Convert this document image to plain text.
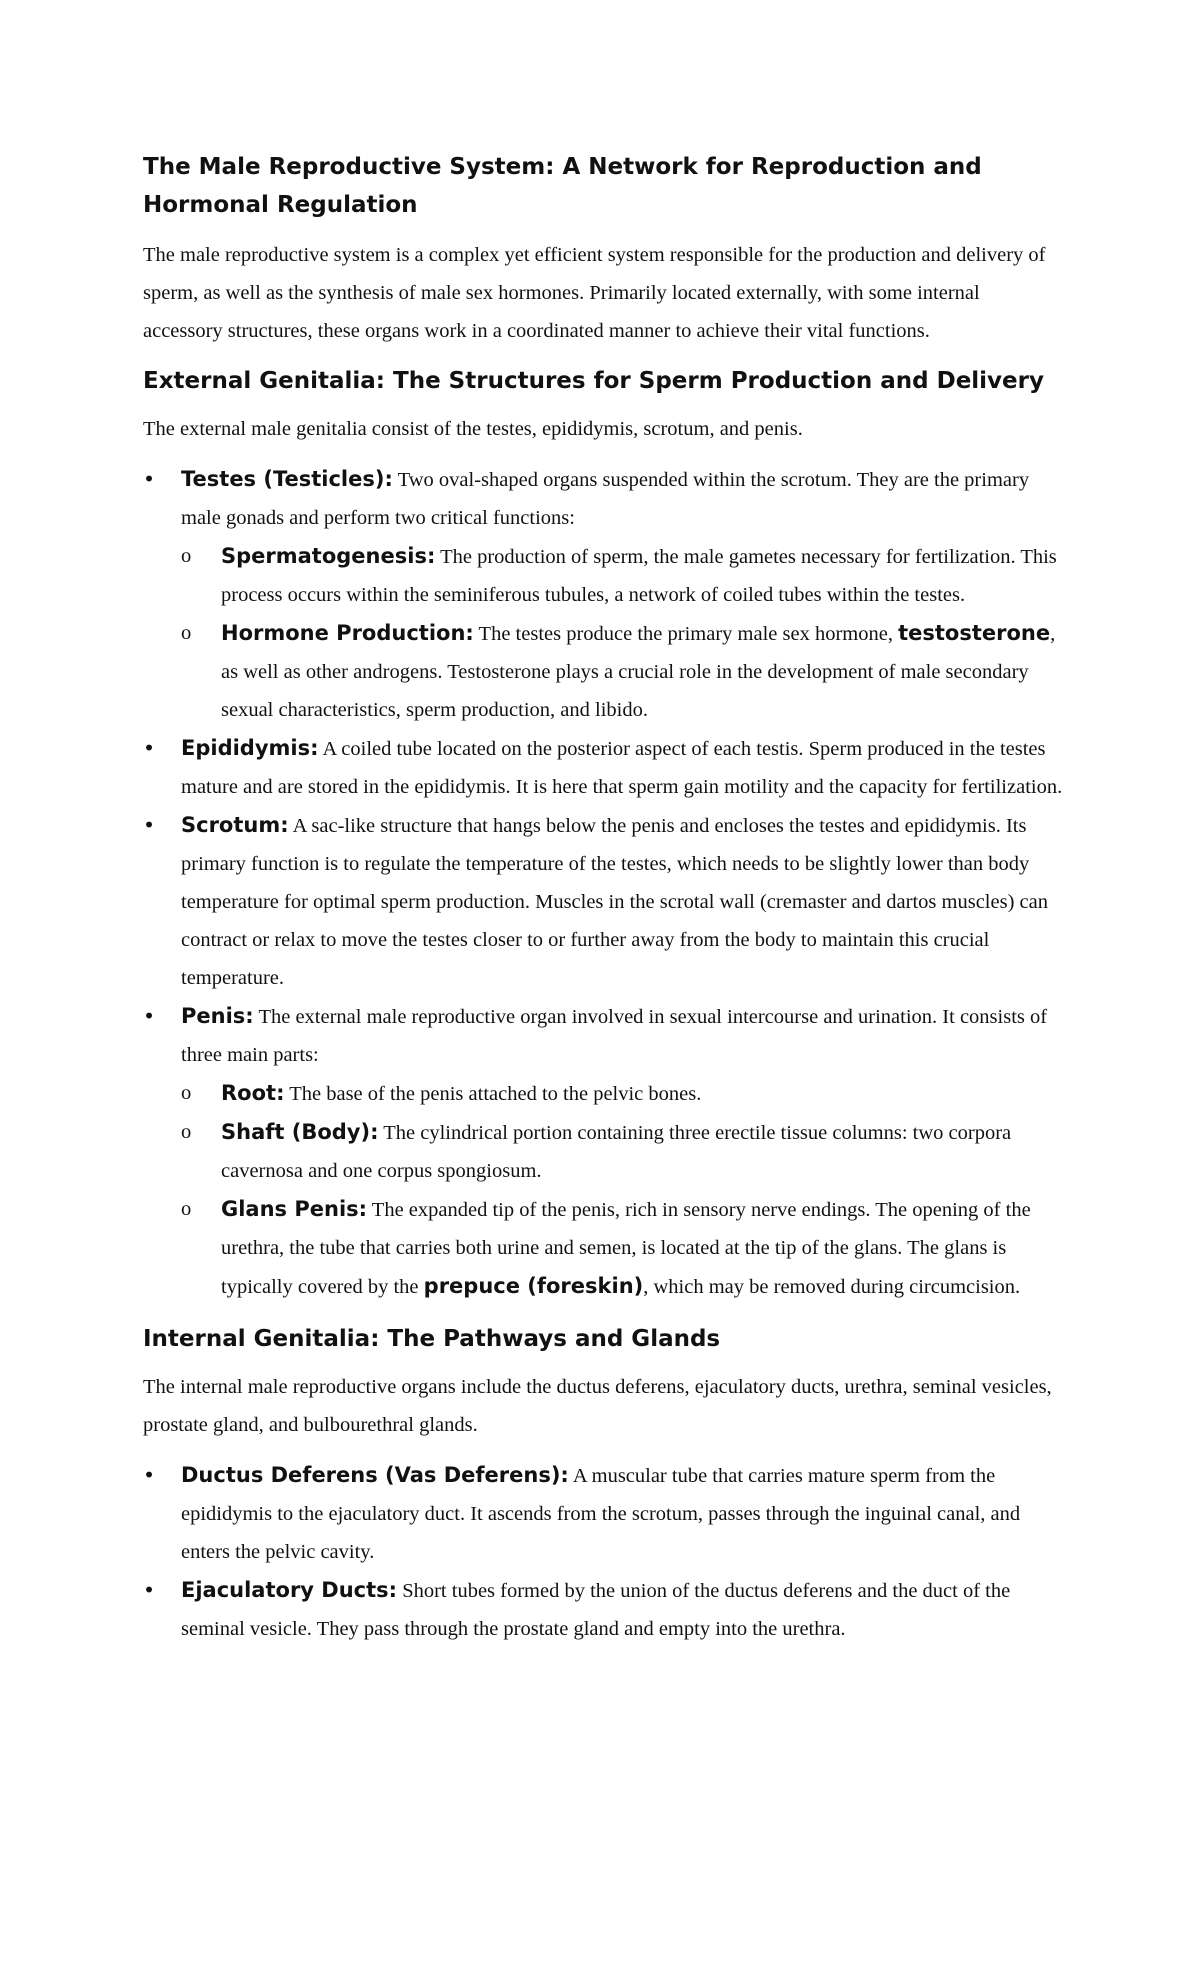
The Male Reproductive System: A Network for Reproduction and Hormonal Regulation

The male reproductive system is a complex yet efficient system responsible for the production and delivery of sperm, as well as the synthesis of male sex hormones. Primarily located externally, with some internal accessory structures, these organs work in a coordinated manner to achieve their vital functions.

External Genitalia: The Structures for Sperm Production and Delivery

The external male genitalia consist of the testes, epididymis, scrotum, and penis.

• Testes (Testicles): Two oval-shaped organs suspended within the scrotum. They are the primary male gonads and perform two critical functions:
o Spermatogenesis: The production of sperm, the male gametes necessary for fertilization. This process occurs within the seminiferous tubules, a network of coiled tubes within the testes.
o Hormone Production: The testes produce the primary male sex hormone, testosterone, as well as other androgens. Testosterone plays a crucial role in the development of male secondary sexual characteristics, sperm production, and libido.
• Epididymis: A coiled tube located on the posterior aspect of each testis. Sperm produced in the testes mature and are stored in the epididymis. It is here that sperm gain motility and the capacity for fertilization.
• Scrotum: A sac-like structure that hangs below the penis and encloses the testes and epididymis. Its primary function is to regulate the temperature of the testes, which needs to be slightly lower than body temperature for optimal sperm production. Muscles in the scrotal wall (cremaster and dartos muscles) can contract or relax to move the testes closer to or further away from the body to maintain this crucial temperature.
• Penis: The external male reproductive organ involved in sexual intercourse and urination. It consists of three main parts:
o Root: The base of the penis attached to the pelvic bones.
o Shaft (Body): The cylindrical portion containing three erectile tissue columns: two corpora cavernosa and one corpus spongiosum.
o Glans Penis: The expanded tip of the penis, rich in sensory nerve endings. The opening of the urethra, the tube that carries both urine and semen, is located at the tip of the glans. The glans is typically covered by the prepuce (foreskin), which may be removed during circumcision.
Internal Genitalia: The Pathways and Glands

The internal male reproductive organs include the ductus deferens, ejaculatory ducts, urethra, seminal vesicles, prostate gland, and bulbourethral glands.

• Ductus Deferens (Vas Deferens): A muscular tube that carries mature sperm from the epididymis to the ejaculatory duct. It ascends from the scrotum, passes through the inguinal canal, and enters the pelvic cavity.
• Ejaculatory Ducts: Short tubes formed by the union of the ductus deferens and the duct of the seminal vesicle. They pass through the prostate gland and empty into the urethra.
